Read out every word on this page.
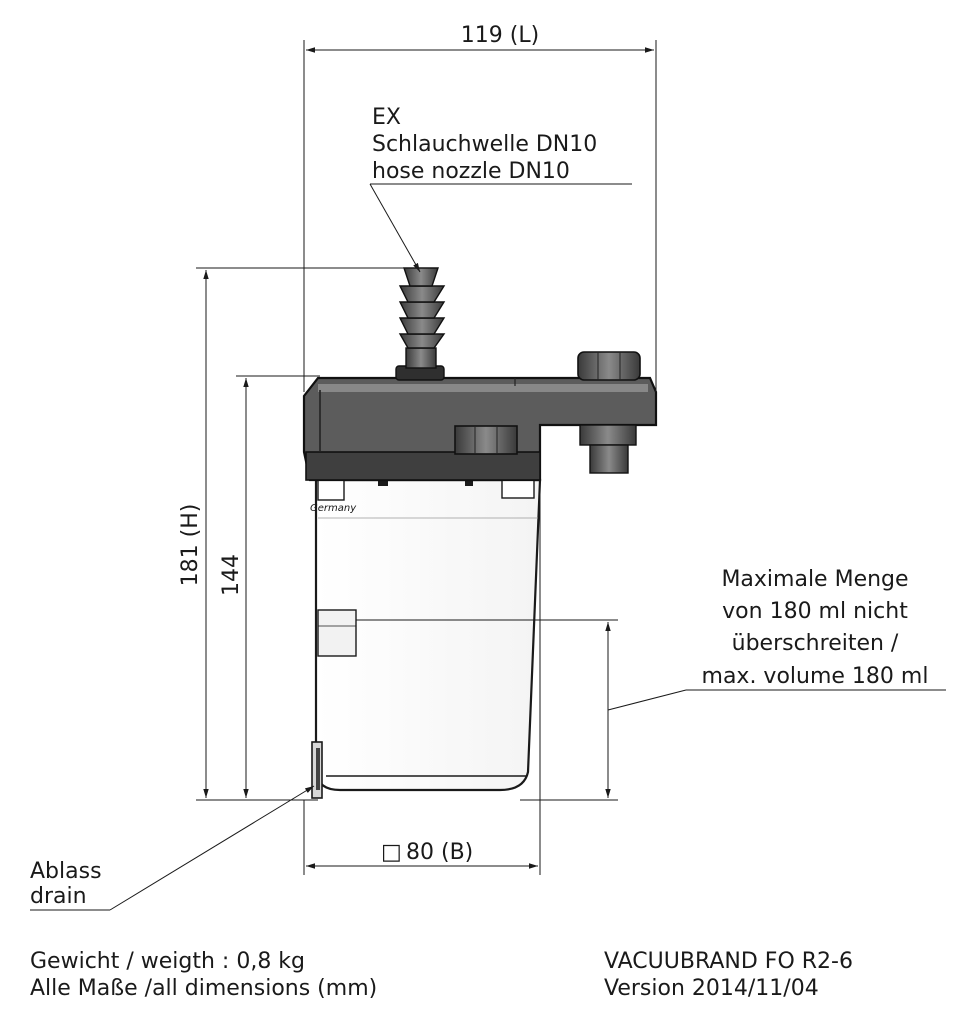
Germany
119 (L)
181 (H) 144
□ 80 (B)
EX
Schlauchwelle DN10
hose nozzle DN10
Maximale Menge
von 180 ml nicht
überschreiten /
max. volume 180 ml
Ablass
drain
Gewicht / weigth : 0,8 kg
Alle Maße /all dimensions (mm)
VACUUBRAND FO R2-6
Version 2014/11/04
